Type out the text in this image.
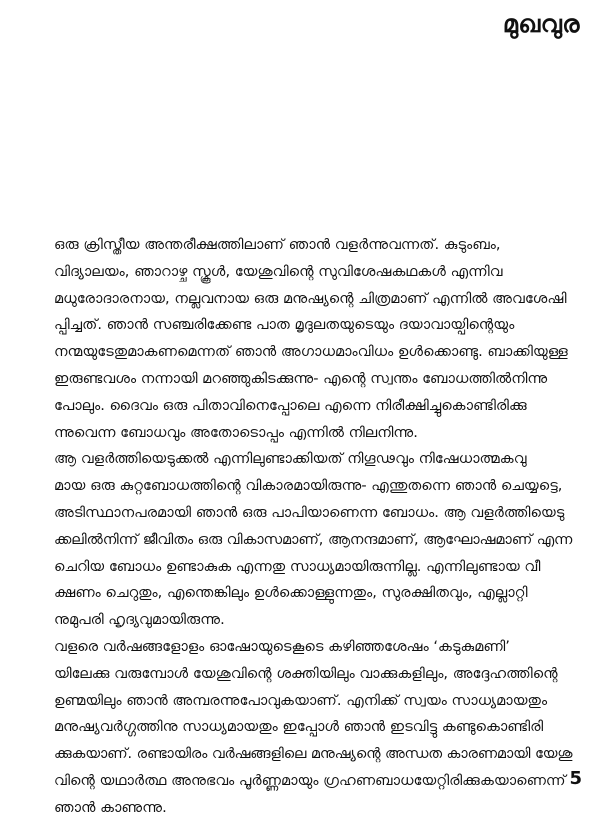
മുഖവുര

ഒരു ക്രിസ്തീയ അന്തരീക്ഷത്തിലാണ് ഞാൻ വളർന്നുവന്നത്. കുടുംബം,
വിദ്യാലയം, ഞാറാഴ്ച സ്കൂൾ, യേശുവിന്റെ സുവിശേഷകഥകൾ എന്നിവ
മധുരോദാരനായ, നല്ലവനായ ഒരു മനുഷ്യന്റെ ചിത്രമാണ് എന്നിൽ അവശേഷി
പ്പിച്ചത്. ഞാൻ സഞ്ചരിക്കേണ്ട പാത മൃദുലതയുടെയും ദയാവായ്പിന്റെയും
നന്മയുടേതുമാകണമെന്നത് ഞാൻ അഗാധമാംവിധം ഉൾക്കൊണ്ടു. ബാക്കിയുള്ള
ഇരുണ്ടവശം നന്നായി മറഞ്ഞുകിടക്കുന്നു- എന്റെ സ്വന്തം ബോധത്തിൽനിന്നു
പോലും. ദൈവം ഒരു പിതാവിനെപ്പോലെ എന്നെ നിരീക്ഷിച്ചുകൊണ്ടിരിക്കു
ന്നുവെന്ന ബോധവും അതോടൊപ്പം എന്നിൽ നിലനിന്നു.

ആ വളർത്തിയെടുക്കൽ എന്നിലുണ്ടാക്കിയത് നിഗൂഢവും നിഷേധാത്മകവു
മായ ഒരു കുറ്റബോധത്തിന്റെ വികാരമായിരുന്നു- എന്തുതന്നെ ഞാൻ ചെയ്യട്ടെ,
അടിസ്ഥാനപരമായി ഞാൻ ഒരു പാപിയാണെന്ന ബോധം. ആ വളർത്തിയെടു
ക്കലിൽനിന്ന് ജീവിതം ഒരു വികാസമാണ്, ആനന്ദമാണ്, ആഘോഷമാണ് എന്ന
ചെറിയ ബോധം ഉണ്ടാകുക എന്നതു സാധ്യമായിരുന്നില്ല. എന്നിലുണ്ടായ വീ
ക്ഷണം ചെറുതും, എന്തെങ്കിലും ഉൾക്കൊള്ളുന്നതും, സുരക്ഷിതവും, എല്ലാറ്റി
നുമുപരി ഹൃദ്യവുമായിരുന്നു.

വളരെ വർഷങ്ങളോളം ഓഷോയുടെകൂടെ കഴിഞ്ഞശേഷം ‘കടുകുമണി’
യിലേക്കു വരുമ്പോൾ യേശുവിന്റെ ശക്തിയിലും വാക്കുകളിലും, അദ്ദേഹത്തിന്റെ
ഉണ്മയിലും ഞാൻ അമ്പരന്നുപോവുകയാണ്. എനിക്ക് സ്വയം സാധ്യമായതും
മനുഷ്യവർഗ്ഗത്തിനു സാധ്യമായതും ഇപ്പോൾ ഞാൻ ഇടവിട്ടു കണ്ടുകൊണ്ടിരി
ക്കുകയാണ്. രണ്ടായിരം വർഷങ്ങളിലെ മനുഷ്യന്റെ അന്ധത കാരണമായി യേശു
വിന്റെ യഥാർത്ഥ അനുഭവം പൂർണ്ണമായും ഗ്രഹണബാധയേറ്റിരിക്കുകയാണെന്ന്
ഞാൻ കാണുന്നു.

5
